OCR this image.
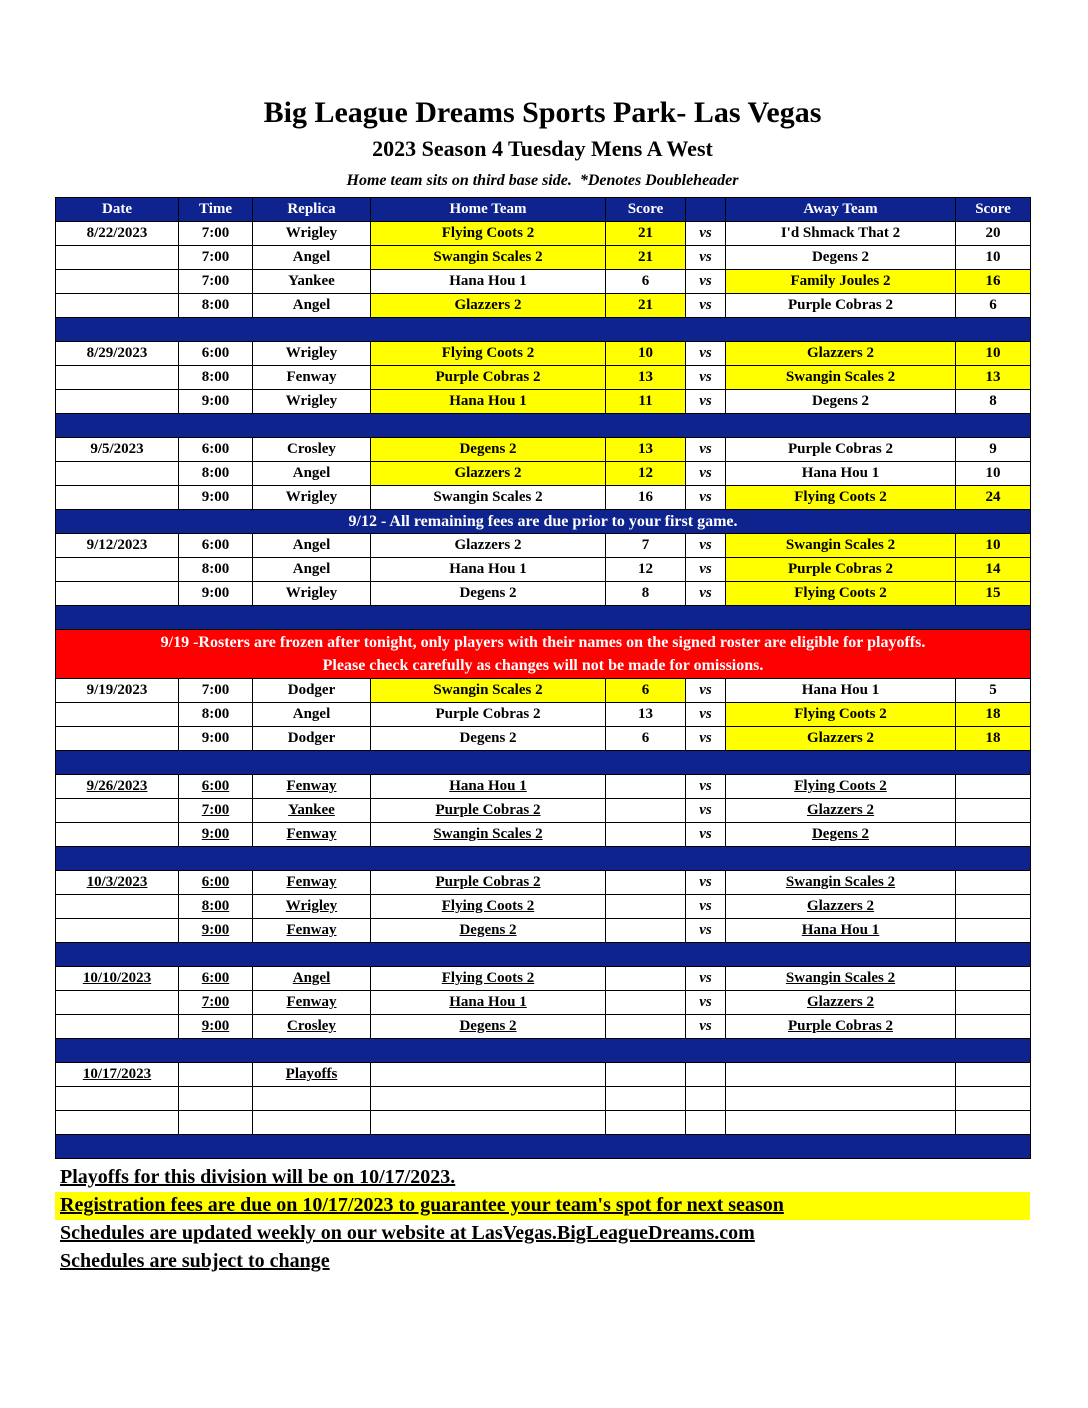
Big League Dreams Sports Park- Las Vegas
2023 Season 4 Tuesday Mens A West
Home team sits on third base side.  *Denotes Doubleheader
Date	Time	Replica	Home Team	Score		Away Team	Score
8/22/2023	7:00	Wrigley	Flying Coots 2	21	vs	I'd Shmack That 2	20
	7:00	Angel	Swangin Scales 2	21	vs	Degens 2	10
	7:00	Yankee	Hana Hou 1	6	vs	Family Joules 2	16
	8:00	Angel	Glazzers 2	21	vs	Purple Cobras 2	6

8/29/2023	6:00	Wrigley	Flying Coots 2	10	vs	Glazzers 2	10
	8:00	Fenway	Purple Cobras 2	13	vs	Swangin Scales 2	13
	9:00	Wrigley	Hana Hou 1	11	vs	Degens 2	8

9/5/2023	6:00	Crosley	Degens 2	13	vs	Purple Cobras 2	9
	8:00	Angel	Glazzers 2	12	vs	Hana Hou 1	10
	9:00	Wrigley	Swangin Scales 2	16	vs	Flying Coots 2	24
9/12 - All remaining fees are due prior to your first game.							
9/12/2023	6:00	Angel	Glazzers 2	7	vs	Swangin Scales 2	10
	8:00	Angel	Hana Hou 1	12	vs	Purple Cobras 2	14
	9:00	Wrigley	Degens 2	8	vs	Flying Coots 2	15

9/19 -Rosters are frozen after tonight, only players with their names on the signed roster are eligible for playoffs.
Please check carefully as changes will not be made for omissions.							

9/19/2023	7:00	Dodger	Swangin Scales 2	6	vs	Hana Hou 1	5
	8:00	Angel	Purple Cobras 2	13	vs	Flying Coots 2	18
	9:00	Dodger	Degens 2	6	vs	Glazzers 2	18

9/26/2023	6:00	Fenway	Hana Hou 1		vs	Flying Coots 2	
	7:00	Yankee	Purple Cobras 2		vs	Glazzers 2	
	9:00	Fenway	Swangin Scales 2		vs	Degens 2	

10/3/2023	6:00	Fenway	Purple Cobras 2		vs	Swangin Scales 2	
	8:00	Wrigley	Flying Coots 2		vs	Glazzers 2	
	9:00	Fenway	Degens 2		vs	Hana Hou 1	

10/10/2023	6:00	Angel	Flying Coots 2		vs	Swangin Scales 2	
	7:00	Fenway	Hana Hou 1		vs	Glazzers 2	
	9:00	Crosley	Degens 2		vs	Purple Cobras 2	

10/17/2023		Playoffs					

Playoffs for this division will be on 10/17/2023.
Registration fees are due on 10/17/2023 to guarantee your team's spot for next season
Schedules are updated weekly on our website at LasVegas.BigLeagueDreams.com
Schedules are subject to change
